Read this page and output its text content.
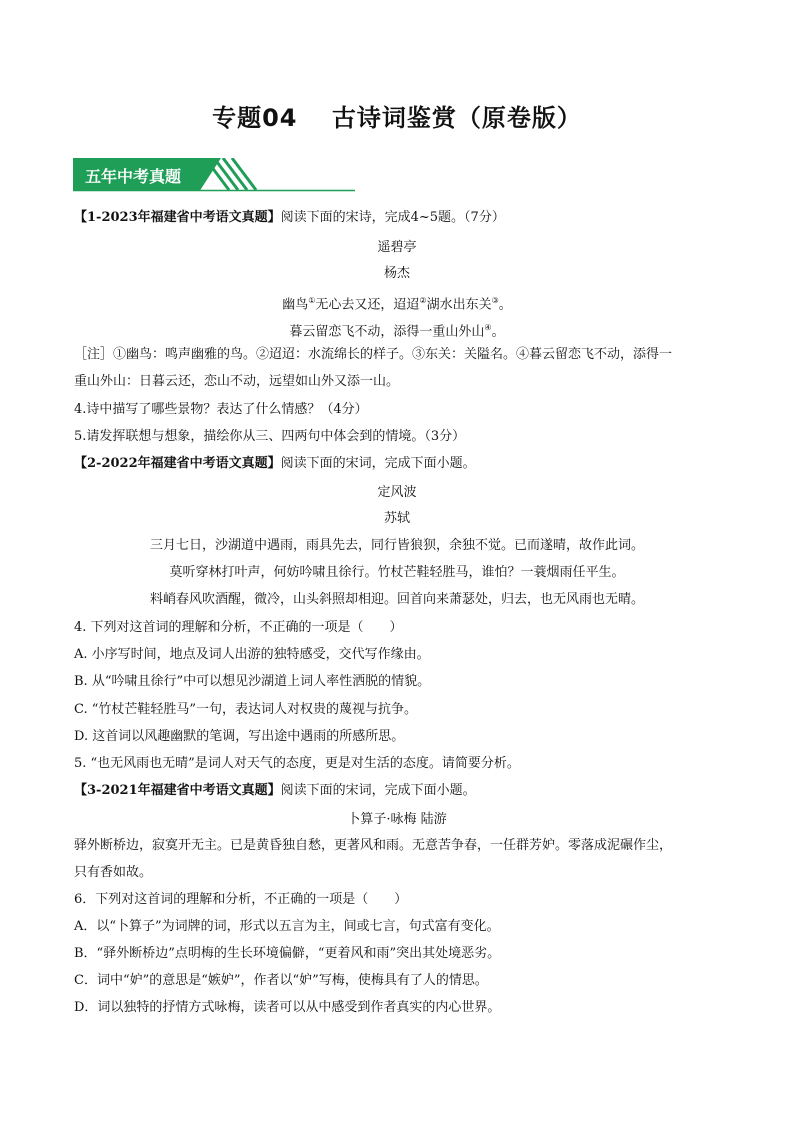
专题04　 古诗词鉴赏（原卷版）
五年中考真题
【1-2023年福建省中考语文真题】阅读下面的宋诗，完成4~5题。（7分）
遥碧亭
杨杰
幽鸟①无心去又还，迢迢②湖水出东关③。
暮云留恋飞不动，添得一重山外山④。
［注］①幽鸟：鸣声幽雅的鸟。②迢迢：水流绵长的样子。③东关：关隘名。④暮云留恋飞不动，添得一
重山外山：日暮云还，恋山不动，远望如山外又添一山。
4.诗中描写了哪些景物？表达了什么情感？（4分）
5.请发挥联想与想象，描绘你从三、四两句中体会到的情境。（3分）
【2-2022年福建省中考语文真题】阅读下面的宋词，完成下面小题。
定风波
苏轼
三月七日，沙湖道中遇雨，雨具先去，同行皆狼狈，余独不觉。已而遂晴，故作此词。
莫听穿林打叶声，何妨吟啸且徐行。竹杖芒鞋轻胜马，谁怕？一蓑烟雨任平生。
料峭春风吹酒醒，微冷，山头斜照却相迎。回首向来萧瑟处，归去，也无风雨也无晴。
4. 下列对这首词的理解和分析，不正确的一项是（　　）
A. 小序写时间，地点及词人出游的独特感受，交代写作缘由。
B. 从“吟啸且徐行”中可以想见沙湖道上词人率性洒脱的情貌。
C. “竹杖芒鞋轻胜马”一句，表达词人对权贵的蔑视与抗争。
D. 这首词以风趣幽默的笔调，写出途中遇雨的所感所思。
5. “也无风雨也无晴”是词人对天气的态度，更是对生活的态度。请简要分析。
【3-2021年福建省中考语文真题】阅读下面的宋词，完成下面小题。
卜算子·咏梅 陆游
驿外断桥边，寂寞开无主。已是黄昏独自愁，更著风和雨。无意苦争春，一任群芳妒。零落成泥碾作尘，
只有香如故。
6．下列对这首词的理解和分析，不正确的一项是（　　）
A．以“卜算子”为词牌的词，形式以五言为主，间或七言，句式富有变化。
B．“驿外断桥边”点明梅的生长环境偏僻，“更着风和雨”突出其处境恶劣。
C．词中“妒”的意思是“嫉妒”，作者以“妒”写梅，使梅具有了人的情思。
D．词以独特的抒情方式咏梅，读者可以从中感受到作者真实的内心世界。
